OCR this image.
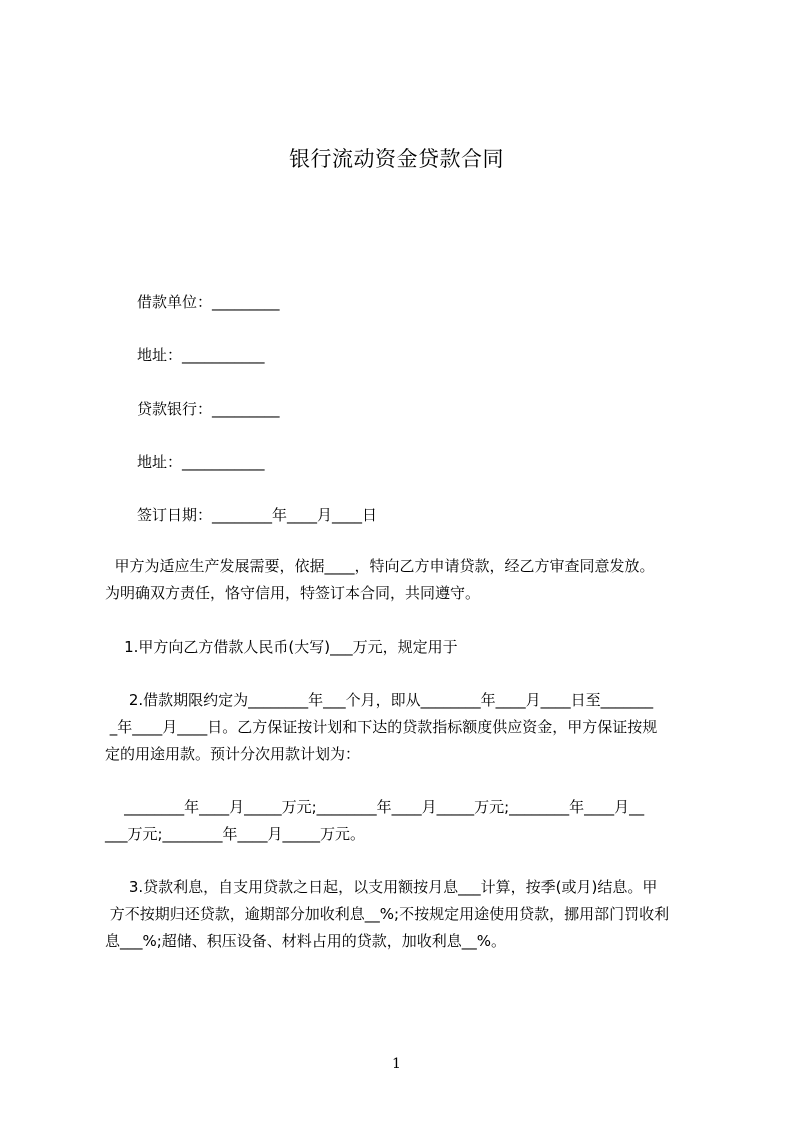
银行流动资金贷款合同
借款单位：_________
地址：___________
贷款银行：_________
地址：___________
签订日期：________年____月____日

甲方为适应生产发展需要，依据____，特向乙方申请贷款，经乙方审查同意发放。

为明确双方责任，恪守信用，特签订本合同，共同遵守。

1.甲方向乙方借款人民币(大写)___万元，规定用于

2.借款期限约定为________年___个月，即从________年____月____日至_______

_年____月____日。乙方保证按计划和下达的贷款指标额度供应资金，甲方保证按规

定的用途用款。预计分次用款计划为：

________年____月_____万元;________年____月_____万元;________年____月__

___万元;________年____月_____万元。

3.贷款利息，自支用贷款之日起，以支用额按月息___计算，按季(或月)结息。甲

方不按期归还贷款，逾期部分加收利息__%;不按规定用途使用贷款，挪用部门罚收利

息___%;超储、积压设备、材料占用的贷款，加收利息__%。

1
